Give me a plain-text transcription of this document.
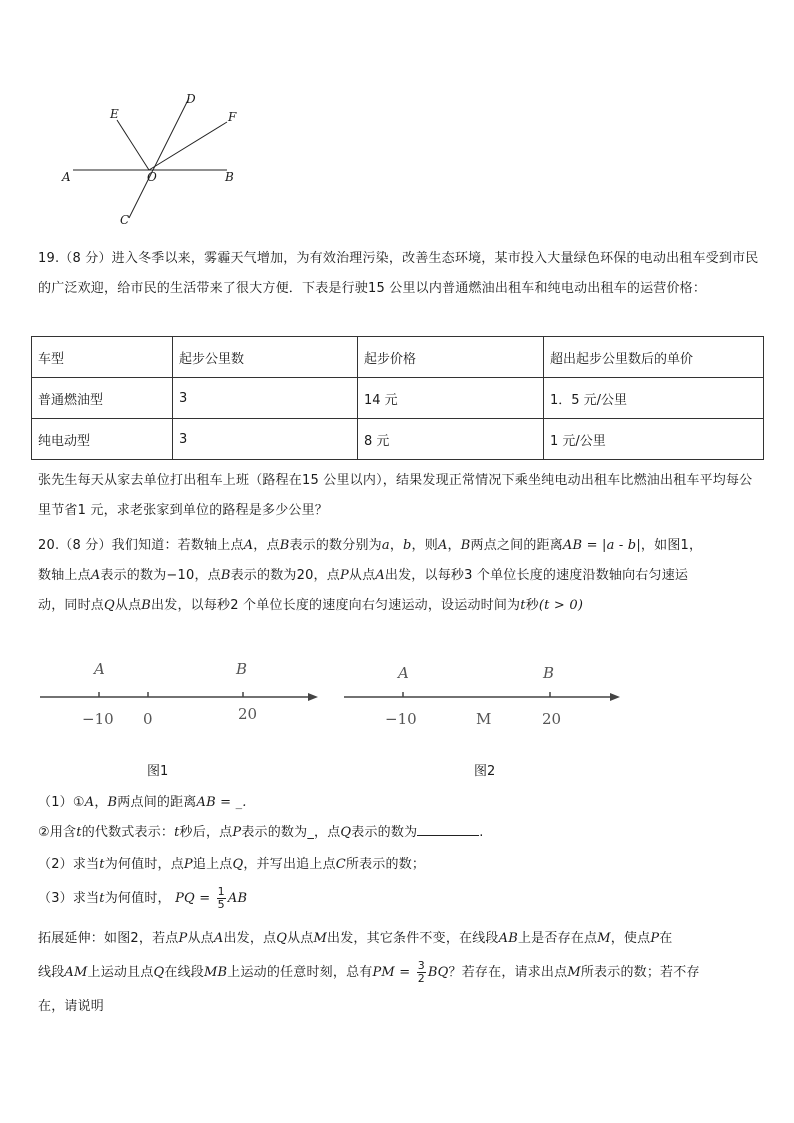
E
D
F
A	O	B
C
19.（8 分）进入冬季以来，雾霾天气增加，为有效治理污染，改善生态环境，某市投入大量绿色环保的电动出租车受到市民的广泛欢迎，给市民的生活带来了很大方便．下表是行驶15 公里以内普通燃油出租车和纯电动出租车的运营价格：
车型	起步公里数	起步价格	超出起步公里数后的单价
普通燃油型	3	14 元	1．5 元/公里
纯电动型	3	8 元	1 元/公里
张先生每天从家去单位打出租车上班（路程在15 公里以内），结果发现正常情况下乘坐纯电动出租车比燃油出租车平均每公里节省1 元，求老张家到单位的路程是多少公里？
20.（8 分）我们知道：若数轴上点A，点B表示的数分别为a，b，则A，B两点之间的距离AB = |a - b|，如图1，
数轴上点A表示的数为−10，点B表示的数为20，点P从点A出发，以每秒3 个单位长度的速度沿数轴向右匀速运
动，同时点Q从点B出发，以每秒2 个单位长度的速度向右匀速运动，设运动时间为t秒(t > 0)
A	B
−10 0	20
图1
A	B
−10	M	20
图2
（1）①A，B两点间的距离AB = _.
②用含t的代数式表示：t秒后，点P表示的数为_，点Q表示的数为	.
（2）求当t为何值时，点P追上点Q，并写出追上点C所表示的数；
（3）求当t为何值时， PQ = $\frac{1}{5}$ AB
拓展延伸：如图2，若点P从点A出发，点Q从点M出发，其它条件不变，在线段AB上是否存在点M，使点P在
线段AM上运动且点Q在线段MB上运动的任意时刻，总有PM = $\frac{3}{2}$ BQ？若存在，请求出点M所表示的数；若不存
在，请说明
